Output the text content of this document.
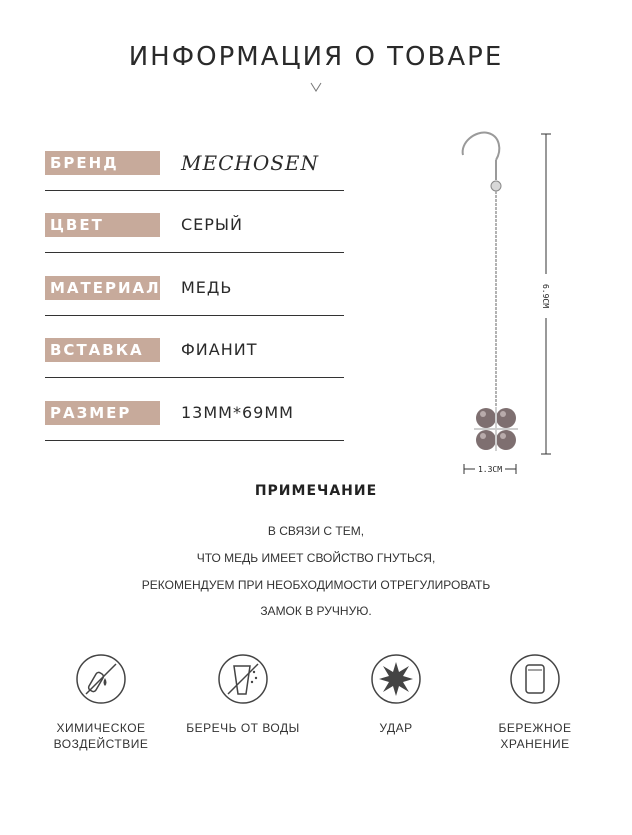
ИНФОРМАЦИЯ О ТОВАРЕ
БРЕНД	MECHOSEN
ЦВЕТ	СЕРЫЙ
МАТЕРИАЛ МЕДЬ
ВСТАВКА	ФИАНИТ
РАЗМЕР	13MM*69MM
1.3CM
6.9CM
ПРИМЕЧАНИЕ
В СВЯЗИ С ТЕМ,
ЧТО МЕДЬ ИМЕЕТ СВОЙСТВО ГНУТЬСЯ,
РЕКОМЕНДУЕМ ПРИ НЕОБХОДИМОСТИ ОТРЕГУЛИРОВАТЬ
ЗАМОК В РУЧНУЮ.
ХИМИЧЕСКОЕ
ВОЗДЕЙСТВИЕ
БЕРЕЧЬ ОТ ВОДЫ	УДАР	БЕРЕЖНОЕ
ХРАНЕНИЕ
